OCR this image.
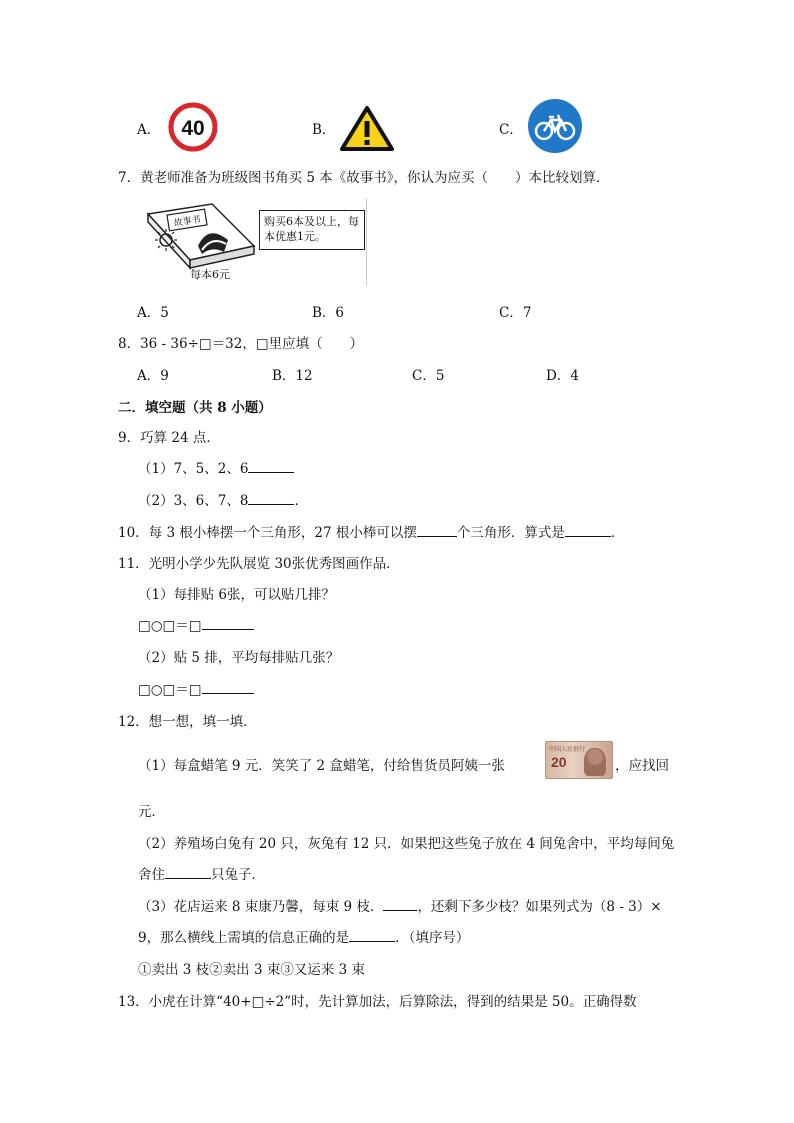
A． 40	B．	C．
7．黄老师准备为班级图书角买 5 本《故事书》，你认为应买（　　）本比较划算．
故事书	购买6本及以上，每本优惠1元。
每本6元
A．5	B．6	C．7
8．36 - 36÷□＝32，□里应填（　　）
A．9	B．12	C．5	D．4
二．填空题（共 8 小题）
9．巧算 24 点．
（1）7、5、2、6
（2）3、6、7、8	．
10．每 3 根小棒摆一个三角形，27 根小棒可以摆	个三角形．算式是	．
11．光明小学少先队展览 30张优秀图画作品．
（1）每排贴 6张，可以贴几排？
□○□＝□
（2）贴 5 排，平均每排贴几张？
□○□＝□
12．想一想，填一填．
（1）每盒蜡笔 9 元．笑笑了 2 盒蜡笔，付给售货员阿姨一张
中国人民银行
20	，应找回
元．
（2）养殖场白兔有 20 只，灰兔有 12 只．如果把这些兔子放在 4 间兔舍中，平均每间兔
舍住	只兔子．
（3）花店运来 8 束康乃馨，每束 9 枝．	，还剩下多少枝？如果列式为（8 - 3）×
9，那么横线上需填的信息正确的是	．（填序号）
①卖出 3 枝②卖出 3 束③又运来 3 束
13．小虎在计算“40+□÷2”时，先计算加法，后算除法，得到的结果是 50。正确得数
